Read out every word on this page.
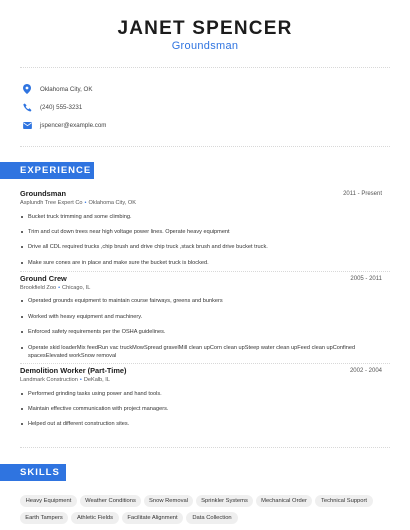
JANET SPENCER
Groundsman
Oklahoma City, OK
(240) 555-3231
jspencer@example.com
EXPERIENCE
Groundsman	2011 - Present
Asplundh Tree Expert Co • Oklahoma City, OK
Bucket truck trimming and some climbing.
Trim and cut down trees near high voltage power lines. Operate heavy equipment
Drive all CDL required trucks ,chip brush and drive chip truck ,stack brush and drive bucket truck.
Make sure cones are in place and make sure the bucket truck is blocked.
Ground Crew	2005 - 2011
Brookfield Zoo • Chicago, IL
Operated grounds equipment to maintain course fairways, greens and bunkers
Worked with heavy equipment and machinery.
Enforced safety requirements per the OSHA guidelines.
Operate skid loaderMix feedRun vac truckMowSpread gravelMill clean upCorn clean upSteep water clean upFeed clean upConfined spacesElevated workSnow removal
Demolition Worker (Part-Time)	2002 - 2004
Landmark Construction • DeKalb, IL
Performed grinding tasks using power and hand tools.
Maintain effective communication with project managers.
Helped out at different construction sites.
SKILLS
Heavy Equipment	Weather Conditions	Snow Removal	Sprinkler Systems	Mechanical Order	Technical Support
Earth Tampers	Athletic Fields	Facilitate Alignment	Data Collection
